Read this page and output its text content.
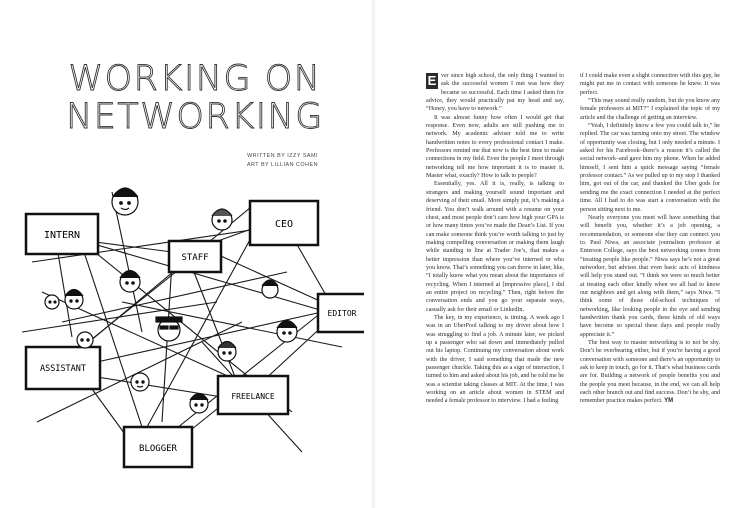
WORKING ON
NETWORKING
WRITTEN BY IZZY SAMI
ART BY LILLIAN COHEN
INTERN
STAFF
CEO
EDITOR
ASSISTANT
FREELANCE
BLOGGER

E ver since high school, the only thing I wanted to ask the successful women I met was how they became so successful. Each time I asked them for advice, they would practically pat my head and say, “Honey, you have to network.”

It was almost funny how often I would get that response. Even now, adults are still pushing me to network. My academic adviser told me to write handwritten notes to every professional contact I make. Professors remind me that now is the best time to make connections in my field. Even the people I meet through networking tell me how important it is to master it. Master what, exactly? How to talk to people?

Essentially, yes. All it is, really, is talking to strangers and making yourself sound important and deserving of their email. More simply put, it’s making a friend. You don’t walk around with a resume on your chest, and most people don’t care how high your GPA is or how many times you’ve made the Dean’s List. If you can make someone think you’re worth talking to just by making compelling conversation or making them laugh while standing in line at Trader Joe’s, that makes a better impression than where you’ve interned or who you know. That’s something you can throw in later, like, “I totally know what you mean about the importance of recycling. When I interned at [impressive place], I did an entire project on recycling.” Then, right before the conversation ends and you go your separate ways, casually ask for their email or LinkedIn.

The key, in my experience, is timing. A week ago I was in an UberPool talking to my driver about how I was struggling to find a job. A minute later, we picked up a passenger who sat down and immediately pulled out his laptop. Continuing my conversation about work with the driver, I said something that made the new passenger chuckle. Taking this as a sign of interaction, I turned to him and asked about his job, and he told me he was a scientist taking classes at MIT. At the time, I was working on an article about women in STEM and needed a female professor to interview. I had a feeling

if I could make even a slight connection with this guy, he might put me in contact with someone he knew. It was perfect.

“This may sound really random, but do you know any female professors at MIT?” I explained the topic of my article and the challenge of getting an interview.

“Yeah, I definitely know a few you could talk to,” he replied. The car was turning onto my street. The window of opportunity was closing, but I only needed a minute. I asked for his Facebook–there’s a reason it’s called the social network–and gave him my phone. When he added himself, I sent him a quick message saying “female professor contact.” As we pulled up to my stop I thanked him, got out of the car, and thanked the Uber gods for sending me the exact connection I needed at the perfect time. All I had to do was start a conversation with the person sitting next to me.

Nearly everyone you meet will have something that will benefit you, whether it’s a job opening, a recommendation, or someone else they can connect you to. Paul Niwa, an associate journalism professor at Emerson College, says the best networking comes from “treating people like people.” Niwa says he’s not a great networker, but advises that even basic acts of kindness will help you stand out. “I think we were so much better at treating each other kindly when we all had to know our neighbors and get along with them,” says Niwa. “I think some of those old-school techniques of networking, like looking people in the eye and sending handwritten thank you cards, these kinds of old ways have become so special these days and people really appreciate it.”

The best way to master networking is to not be shy. Don’t be overbearing either, but if you’re having a good conversation with someone and there’s an opportunity to ask to keep in touch, go for it. That’s what business cards are for. Building a network of people benefits you and the people you meet because, in the end, we can all help each other branch out and find success. Don’t be shy, and remember practice makes perfect. YM
